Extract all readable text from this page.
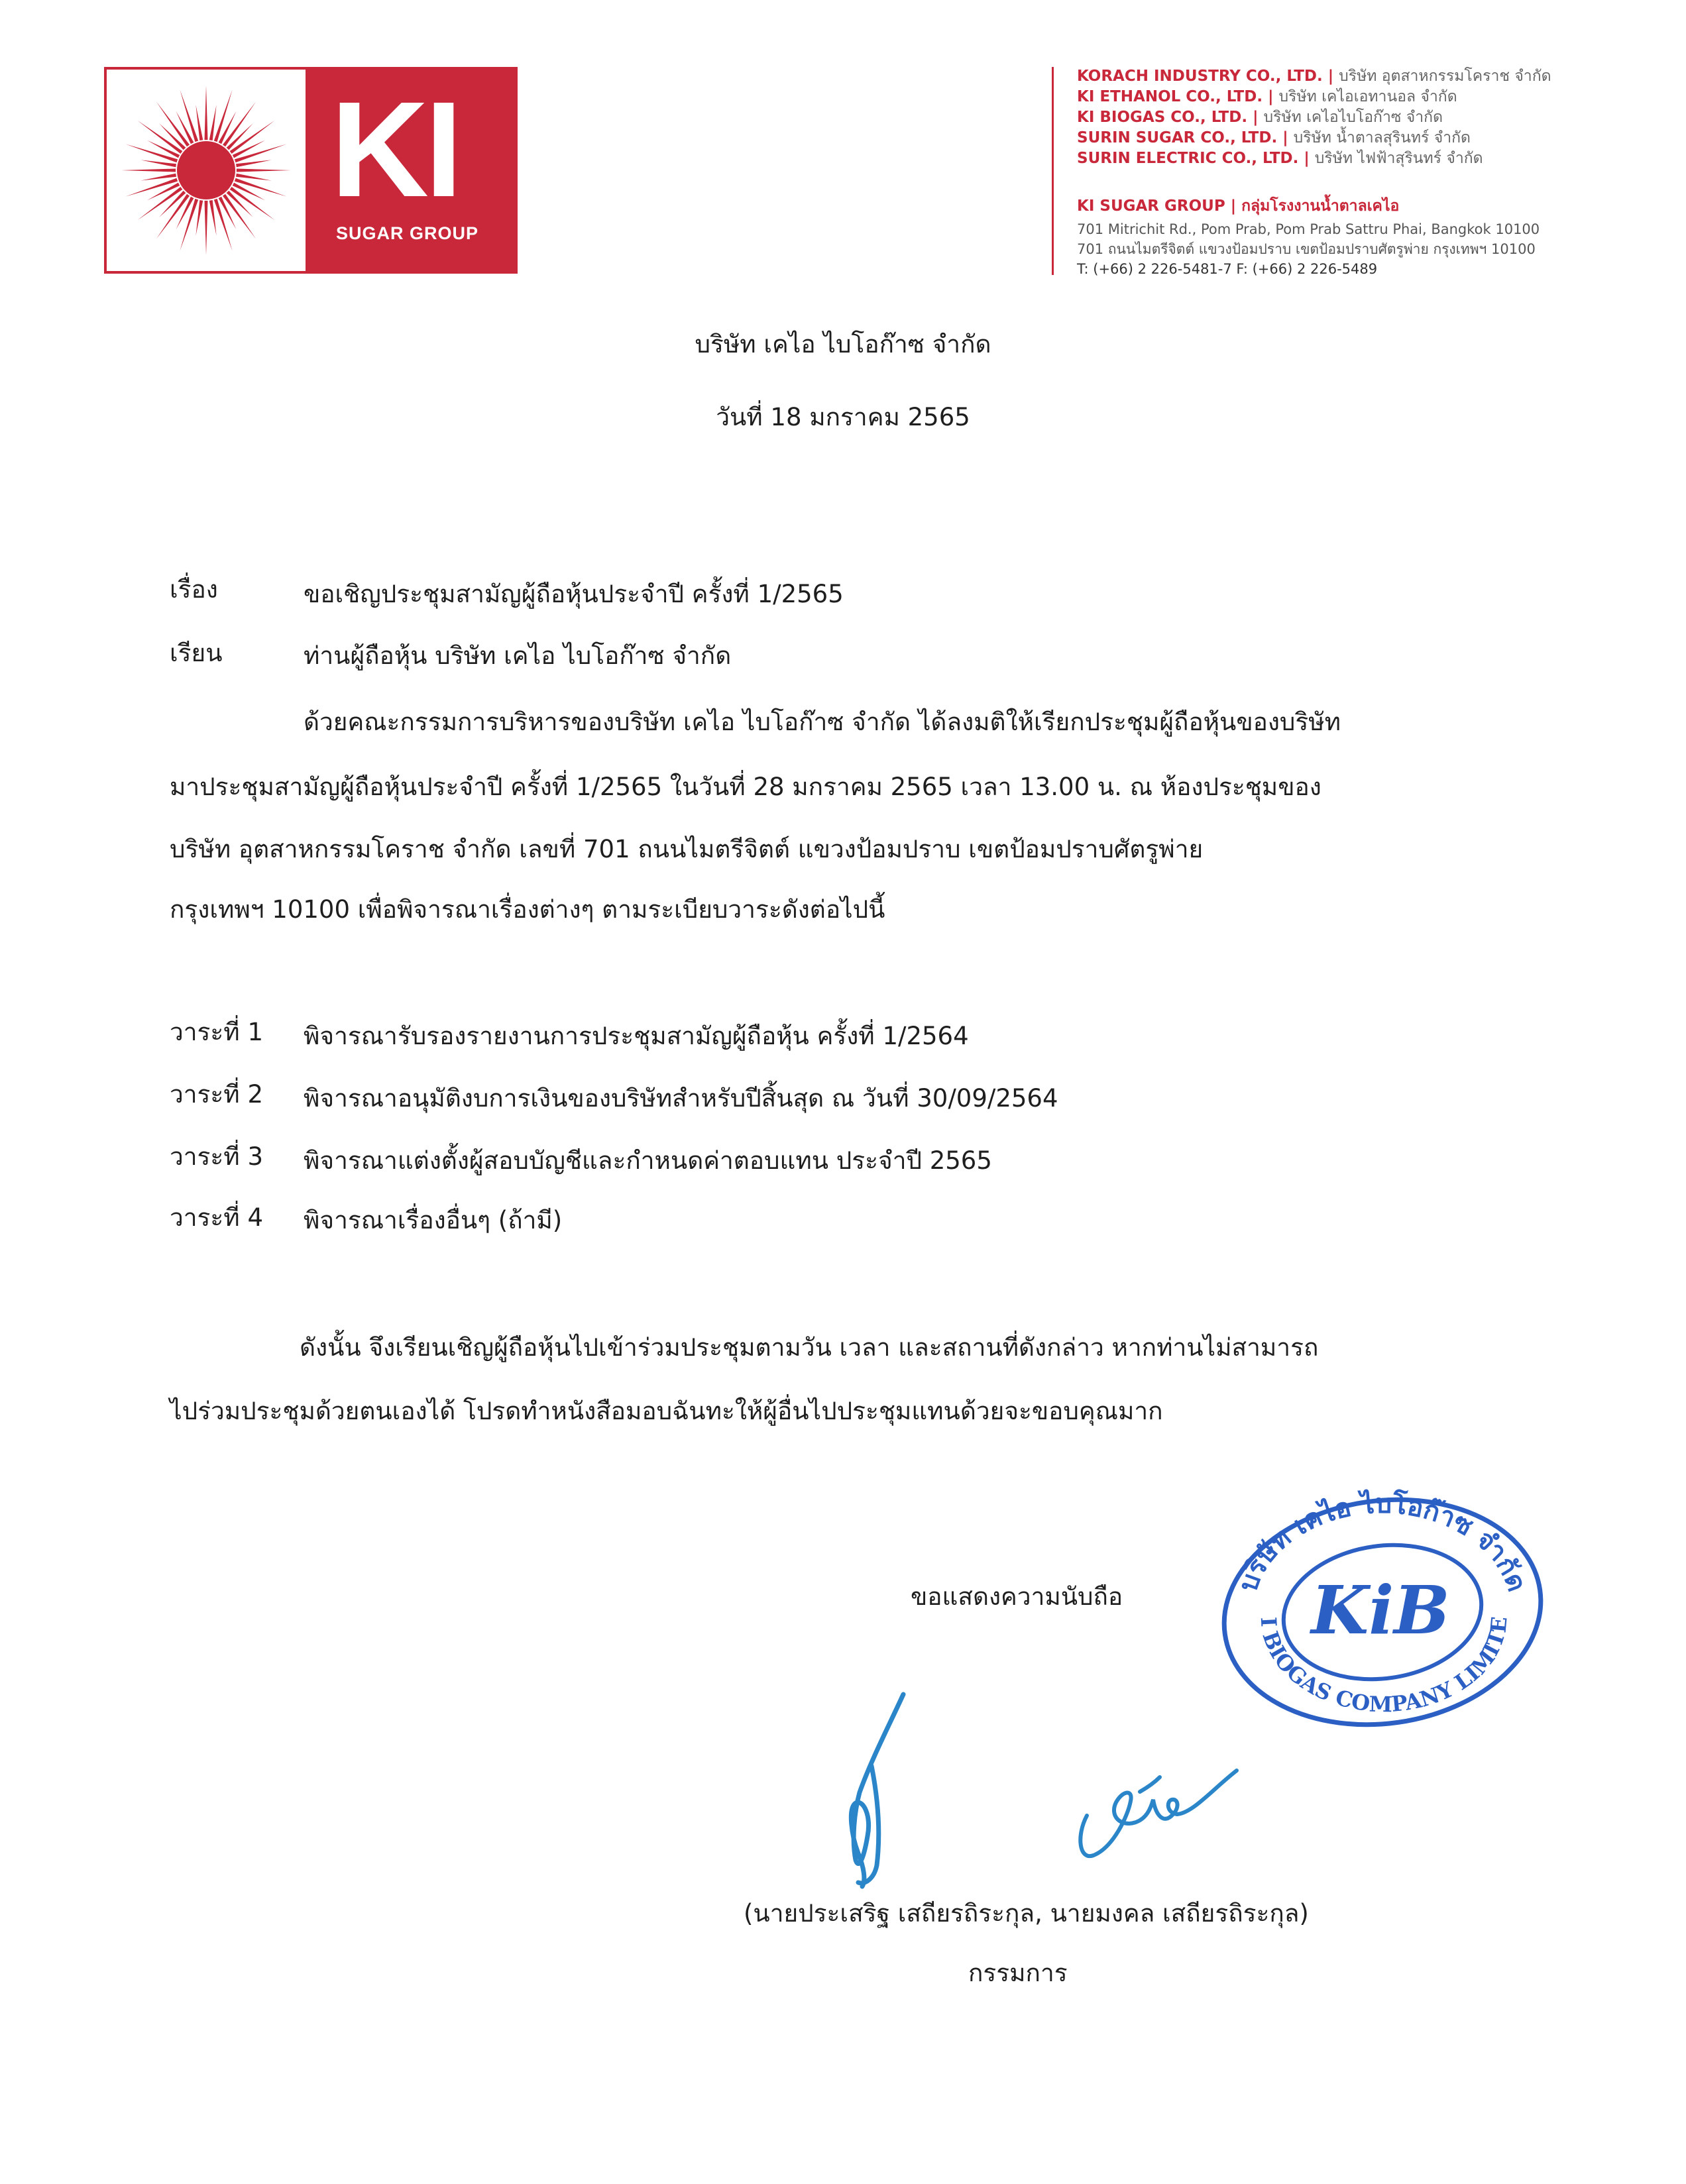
KI
SUGAR GROUP
KORACH INDUSTRY CO., LTD. | บริษัท อุตสาหกรรมโคราช จำกัด
KI ETHANOL CO., LTD. | บริษัท เคไอเอทานอล จำกัด
KI BIOGAS CO., LTD. | บริษัท เคไอไบโอก๊าซ จำกัด
SURIN SUGAR CO., LTD. | บริษัท น้ำตาลสุรินทร์ จำกัด
SURIN ELECTRIC CO., LTD. | บริษัท ไฟฟ้าสุรินทร์ จำกัด
KI SUGAR GROUP | กลุ่มโรงงานน้ำตาลเคไอ
701 Mitrichit Rd., Pom Prab, Pom Prab Sattru Phai, Bangkok 10100
701 ถนนไมตรีจิตต์ แขวงป้อมปราบ เขตป้อมปราบศัตรูพ่าย กรุงเทพฯ 10100
T: (+66) 2 226-5481-7 F: (+66) 2 226-5489
บริษัท เคไอ ไบโอก๊าซ จำกัด
วันที่ 18 มกราคม 2565
เรื่อง	ขอเชิญประชุมสามัญผู้ถือหุ้นประจำปี ครั้งที่ 1/2565
เรียน	ท่านผู้ถือหุ้น บริษัท เคไอ ไบโอก๊าซ จำกัด
ด้วยคณะกรรมการบริหารของบริษัท เคไอ ไบโอก๊าซ จำกัด ได้ลงมติให้เรียกประชุมผู้ถือหุ้นของบริษัท
มาประชุมสามัญผู้ถือหุ้นประจำปี ครั้งที่ 1/2565 ในวันที่ 28 มกราคม 2565 เวลา 13.00 น. ณ ห้องประชุมของ
บริษัท อุตสาหกรรมโคราช จำกัด เลขที่ 701 ถนนไมตรีจิตต์ แขวงป้อมปราบ เขตป้อมปราบศัตรูพ่าย
กรุงเทพฯ 10100 เพื่อพิจารณาเรื่องต่างๆ ตามระเบียบวาระดังต่อไปนี้
วาระที่ 1 พิจารณารับรองรายงานการประชุมสามัญผู้ถือหุ้น ครั้งที่ 1/2564
วาระที่ 2 พิจารณาอนุมัติงบการเงินของบริษัทสำหรับปีสิ้นสุด ณ วันที่ 30/09/2564
วาระที่ 3 พิจารณาแต่งตั้งผู้สอบบัญชีและกำหนดค่าตอบแทน ประจำปี 2565
วาระที่ 4 พิจารณาเรื่องอื่นๆ (ถ้ามี)
ดังนั้น จึงเรียนเชิญผู้ถือหุ้นไปเข้าร่วมประชุมตามวัน เวลา และสถานที่ดังกล่าว หากท่านไม่สามารถ
ไปร่วมประชุมด้วยตนเองได้ โปรดทำหนังสือมอบฉันทะให้ผู้อื่นไปประชุมแทนด้วยจะขอบคุณมาก
ขอแสดงความนับถือ	บริษัท เคไอ ไบโอก๊าซ จำกัด
I BIOGAS COMPANY LIMITE
KiB
(นายประเสริฐ เสถียรถิระกุล, นายมงคล เสถียรถิระกุล)
กรรมการ
